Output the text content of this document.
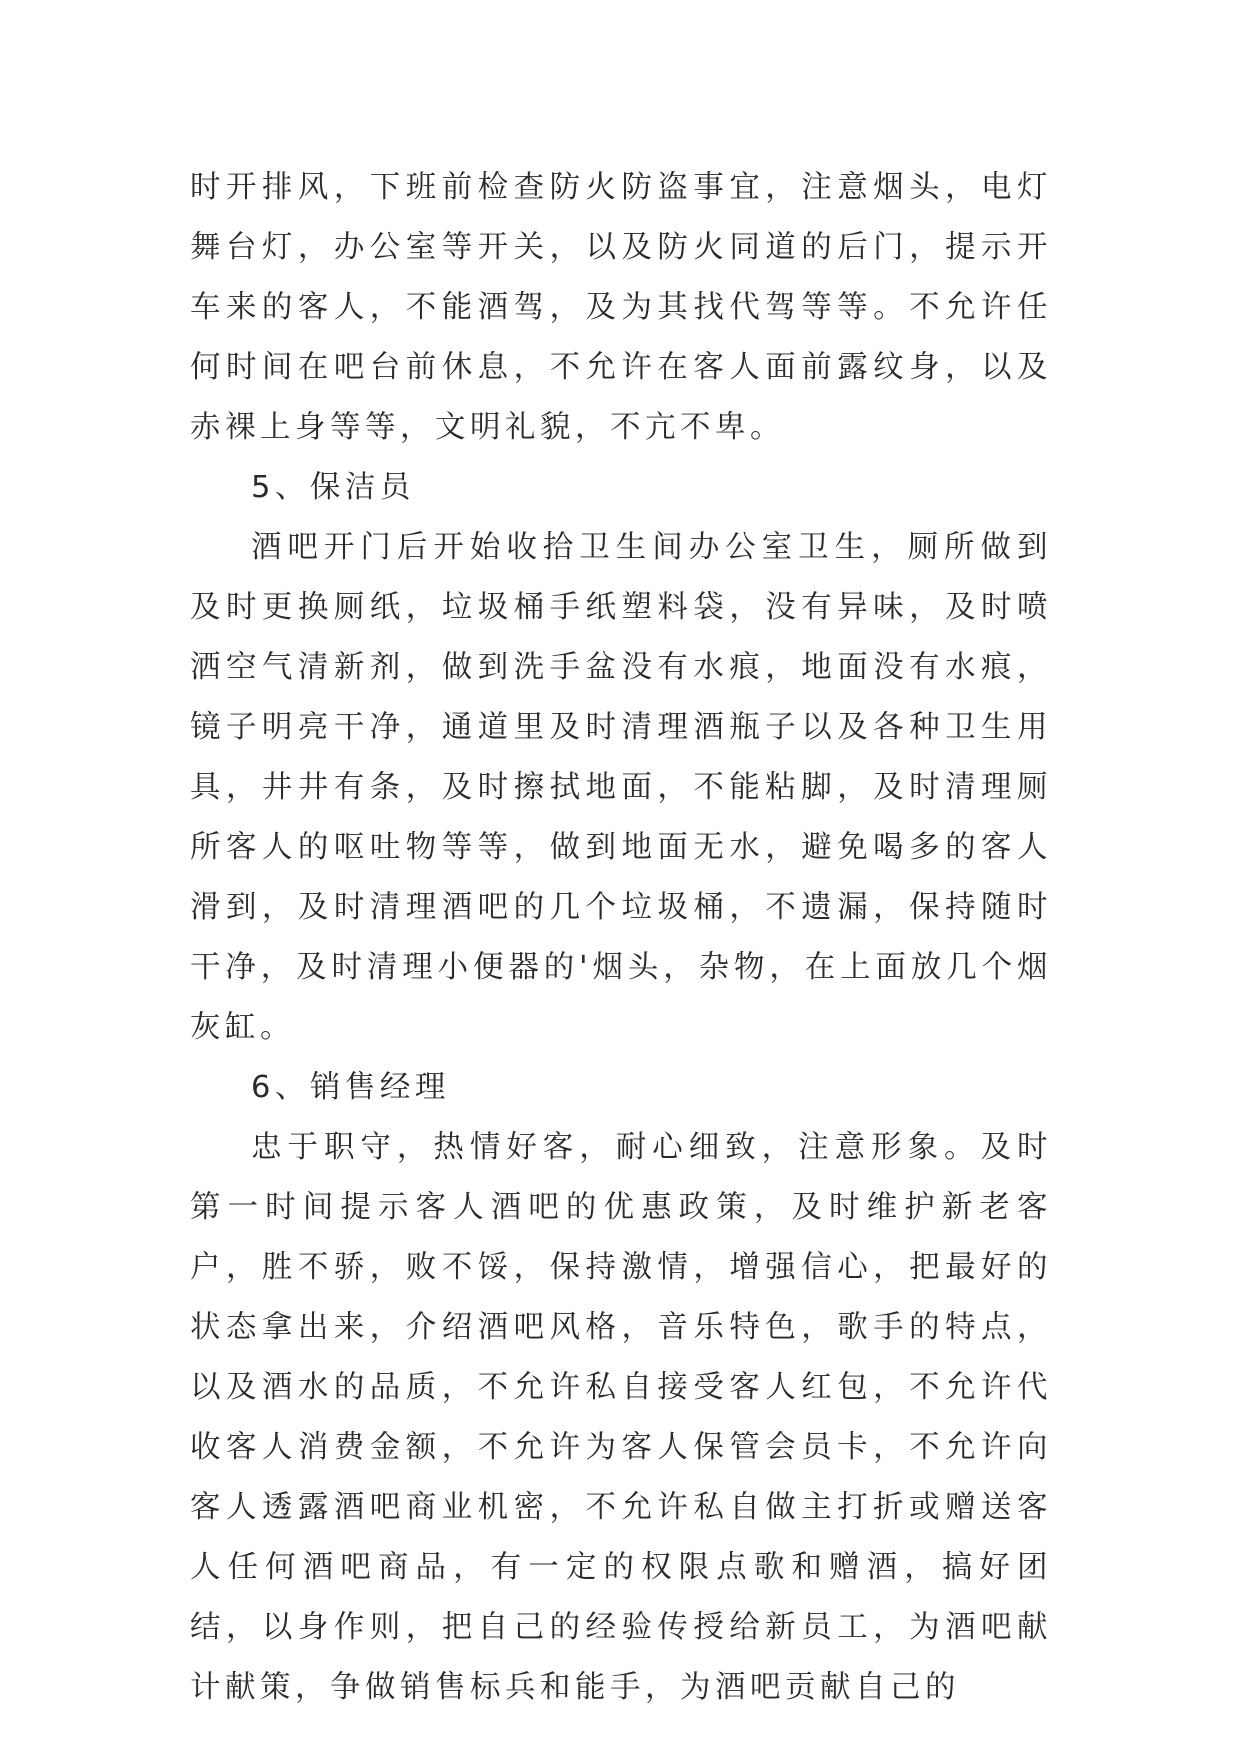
时开排风，下班前检查防火防盗事宜，注意烟头，电灯舞台灯，办公室等开关，以及防火同道的后门，提示开车来的客人，不能酒驾，及为其找代驾等等。不允许任何时间在吧台前休息，不允许在客人面前露纹身，以及赤裸上身等等，文明礼貌，不亢不卑。

5、保洁员

酒吧开门后开始收拾卫生间办公室卫生，厕所做到及时更换厕纸，垃圾桶手纸塑料袋，没有异味，及时喷洒空气清新剂，做到洗手盆没有水痕，地面没有水痕，镜子明亮干净，通道里及时清理酒瓶子以及各种卫生用具，井井有条，及时擦拭地面，不能粘脚，及时清理厕所客人的呕吐物等等，做到地面无水，避免喝多的客人滑到，及时清理酒吧的几个垃圾桶，不遗漏，保持随时干净，及时清理小便器的'烟头，杂物，在上面放几个烟灰缸。

6、销售经理

忠于职守，热情好客，耐心细致，注意形象。及时第一时间提示客人酒吧的优惠政策，及时维护新老客户，胜不骄，败不馁，保持激情，增强信心，把最好的状态拿出来，介绍酒吧风格，音乐特色，歌手的特点，以及酒水的品质，不允许私自接受客人红包，不允许代收客人消费金额，不允许为客人保管会员卡，不允许向客人透露酒吧商业机密，不允许私自做主打折或赠送客人任何酒吧商品，有一定的权限点歌和赠酒，搞好团结，以身作则，把自己的经验传授给新员工，为酒吧献计献策，争做销售标兵和能手，为酒吧贡献自己的
